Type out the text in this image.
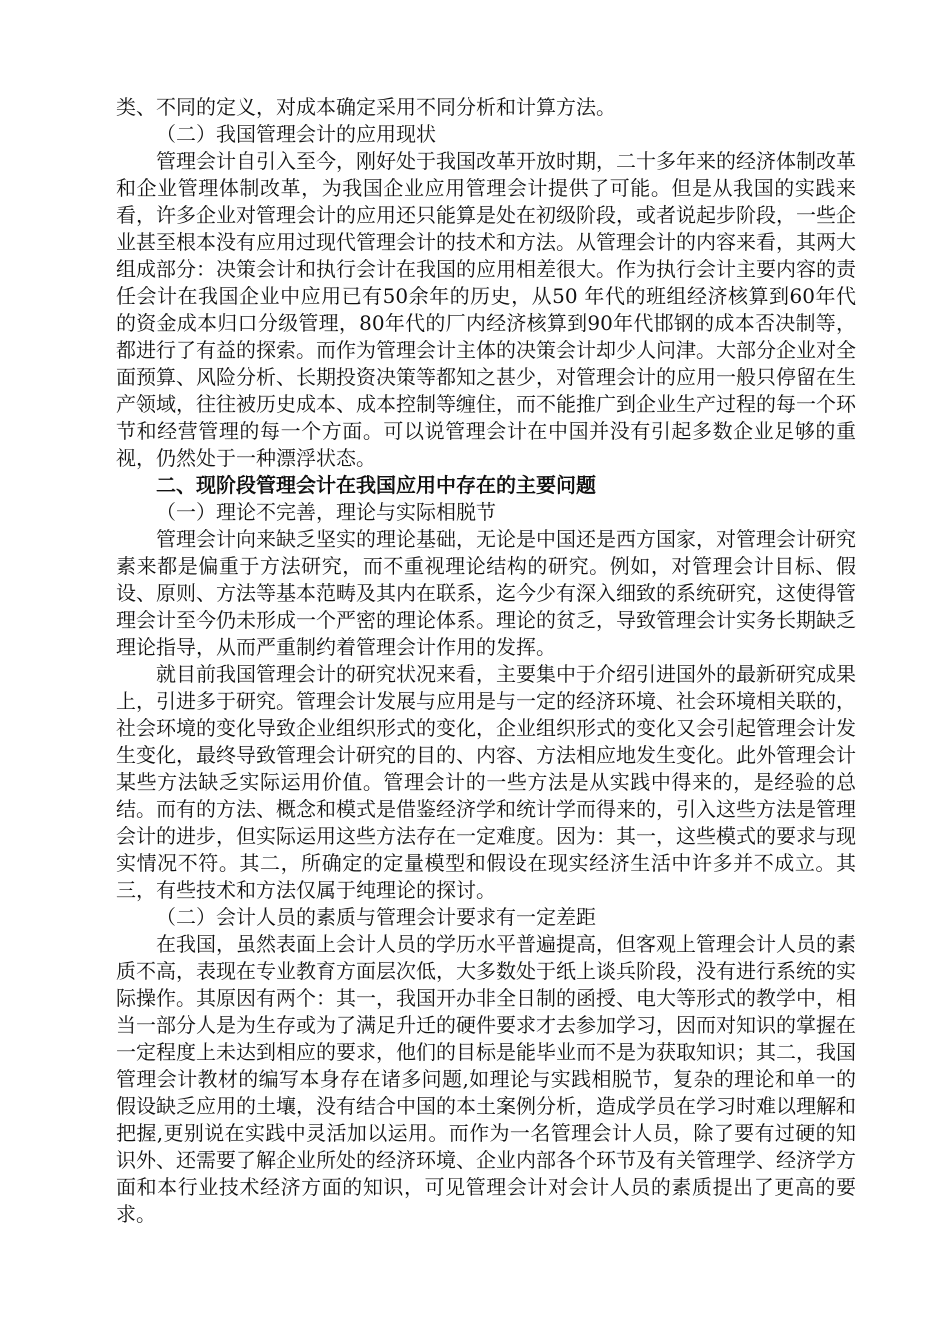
类、不同的定义，对成本确定采用不同分析和计算方法。

（二）我国管理会计的应用现状

管理会计自引入至今，刚好处于我国改革开放时期，二十多年来的经济体制改革和企业管理体制改革，为我国企业应用管理会计提供了可能。但是从我国的实践来看，许多企业对管理会计的应用还只能算是处在初级阶段，或者说起步阶段，一些企业甚至根本没有应用过现代管理会计的技术和方法。从管理会计的内容来看，其两大组成部分：决策会计和执行会计在我国的应用相差很大。作为执行会计主要内容的责任会计在我国企业中应用已有50余年的历史，从50 年代的班组经济核算到60年代的资金成本归口分级管理，80年代的厂内经济核算到90年代邯钢的成本否决制等，都进行了有益的探索。而作为管理会计主体的决策会计却少人问津。大部分企业对全面预算、风险分析、长期投资决策等都知之甚少，对管理会计的应用一般只停留在生产领域，往往被历史成本、成本控制等缠住，而不能推广到企业生产过程的每一个环节和经营管理的每一个方面。可以说管理会计在中国并没有引起多数企业足够的重视，仍然处于一种漂浮状态。

二、现阶段管理会计在我国应用中存在的主要问题

（一）理论不完善，理论与实际相脱节

管理会计向来缺乏坚实的理论基础，无论是中国还是西方国家，对管理会计研究素来都是偏重于方法研究，而不重视理论结构的研究。例如，对管理会计目标、假设、原则、方法等基本范畴及其内在联系，迄今少有深入细致的系统研究，这使得管理会计至今仍未形成一个严密的理论体系。理论的贫乏，导致管理会计实务长期缺乏理论指导，从而严重制约着管理会计作用的发挥。

就目前我国管理会计的研究状况来看，主要集中于介绍引进国外的最新研究成果上，引进多于研究。管理会计发展与应用是与一定的经济环境、社会环境相关联的，社会环境的变化导致企业组织形式的变化，企业组织形式的变化又会引起管理会计发生变化，最终导致管理会计研究的目的、内容、方法相应地发生变化。此外管理会计某些方法缺乏实际运用价值。管理会计的一些方法是从实践中得来的，是经验的总结。而有的方法、概念和模式是借鉴经济学和统计学而得来的，引入这些方法是管理会计的进步，但实际运用这些方法存在一定难度。因为：其一，这些模式的要求与现实情况不符。其二，所确定的定量模型和假设在现实经济生活中许多并不成立。其三，有些技术和方法仅属于纯理论的探讨。

（二）会计人员的素质与管理会计要求有一定差距

在我国，虽然表面上会计人员的学历水平普遍提高，但客观上管理会计人员的素质不高，表现在专业教育方面层次低，大多数处于纸上谈兵阶段，没有进行系统的实际操作。其原因有两个：其一，我国开办非全日制的函授、电大等形式的教学中，相当一部分人是为生存或为了满足升迁的硬件要求才去参加学习，因而对知识的掌握在一定程度上未达到相应的要求，他们的目标是能毕业而不是为获取知识；其二，我国管理会计教材的编写本身存在诸多问题,如理论与实践相脱节，复杂的理论和单一的假设缺乏应用的土壤，没有结合中国的本土案例分析，造成学员在学习时难以理解和把握,更别说在实践中灵活加以运用。而作为一名管理会计人员，除了要有过硬的知识外、还需要了解企业所处的经济环境、企业内部各个环节及有关管理学、经济学方面和本行业技术经济方面的知识，可见管理会计对会计人员的素质提出了更高的要求。
